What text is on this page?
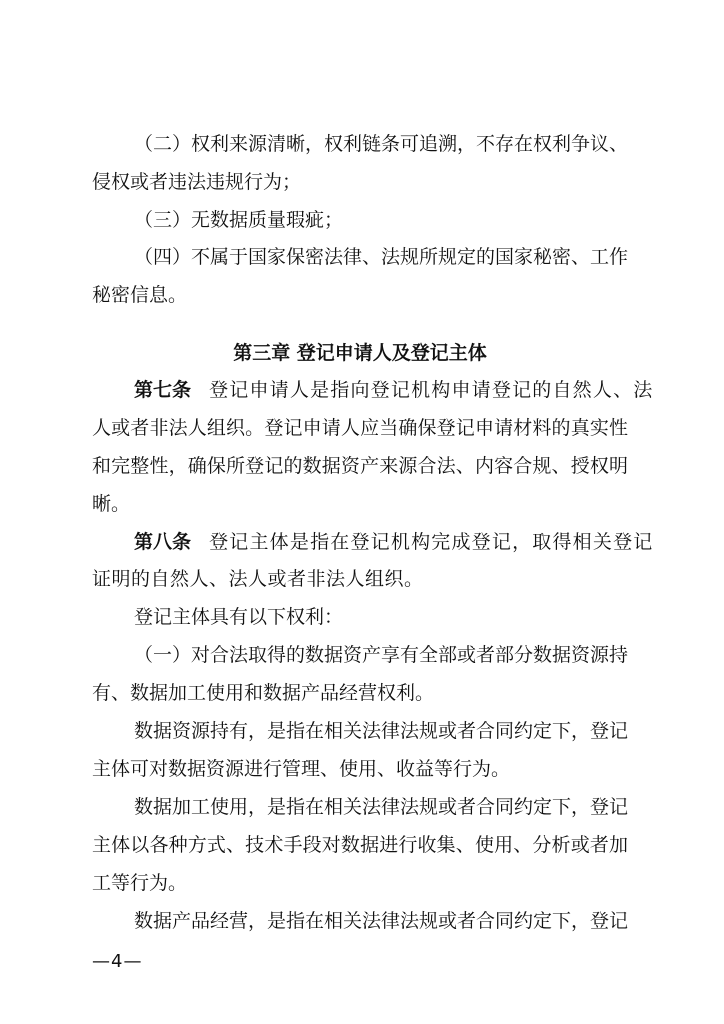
（二）权利来源清晰，权利链条可追溯，不存在权利争议、
侵权或者违法违规行为；
（三）无数据质量瑕疵；
（四）不属于国家保密法律、法规所规定的国家秘密、工作
秘密信息。
第三章 登记申请人及登记主体
第七条 登记申请人是指向登记机构申请登记的自然人、法
人或者非法人组织。登记申请人应当确保登记申请材料的真实性
和完整性，确保所登记的数据资产来源合法、内容合规、授权明
晰。
第八条 登记主体是指在登记机构完成登记，取得相关登记
证明的自然人、法人或者非法人组织。
登记主体具有以下权利：
（一）对合法取得的数据资产享有全部或者部分数据资源持
有、数据加工使用和数据产品经营权利。
数据资源持有，是指在相关法律法规或者合同约定下，登记
主体可对数据资源进行管理、使用、收益等行为。
数据加工使用，是指在相关法律法规或者合同约定下，登记
主体以各种方式、技术手段对数据进行收集、使用、分析或者加
工等行为。
数据产品经营，是指在相关法律法规或者合同约定下，登记
—4—
